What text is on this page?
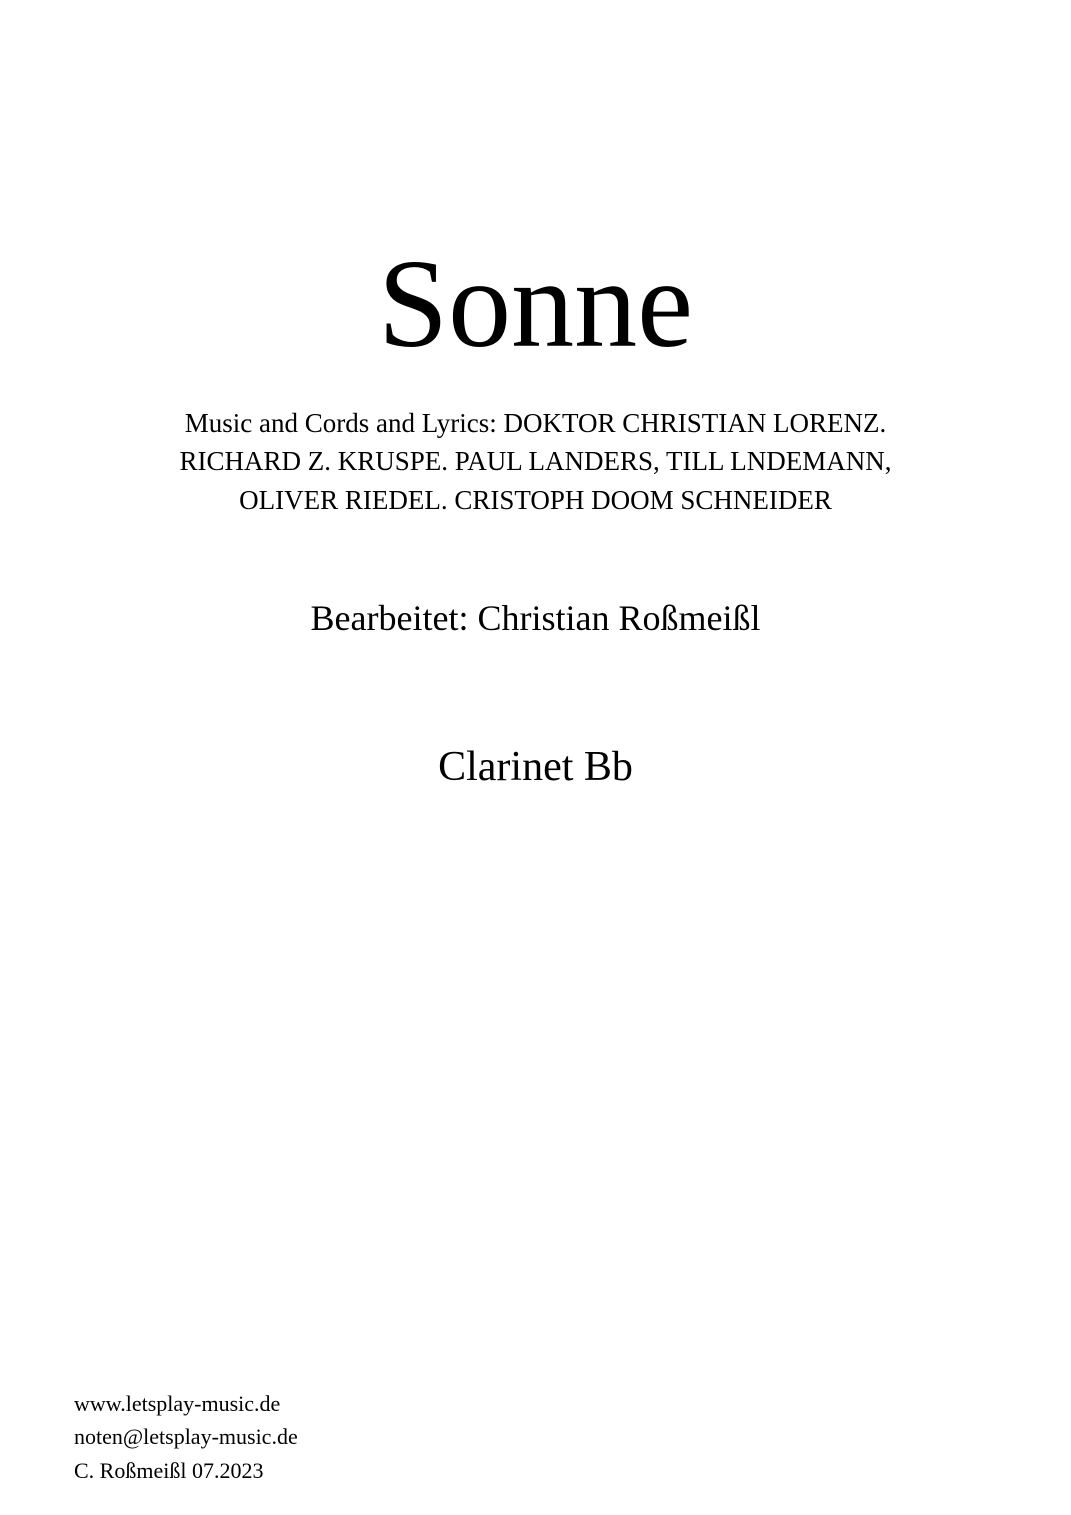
Sonne
Music and Cords and Lyrics: DOKTOR CHRISTIAN LORENZ.
RICHARD Z. KRUSPE. PAUL LANDERS, TILL LNDEMANN,
OLIVER RIEDEL. CRISTOPH DOOM SCHNEIDER
Bearbeitet: Christian Roßmeißl
Clarinet Bb
www.letsplay-music.de
noten@letsplay-music.de
C. Roßmeißl 07.2023
